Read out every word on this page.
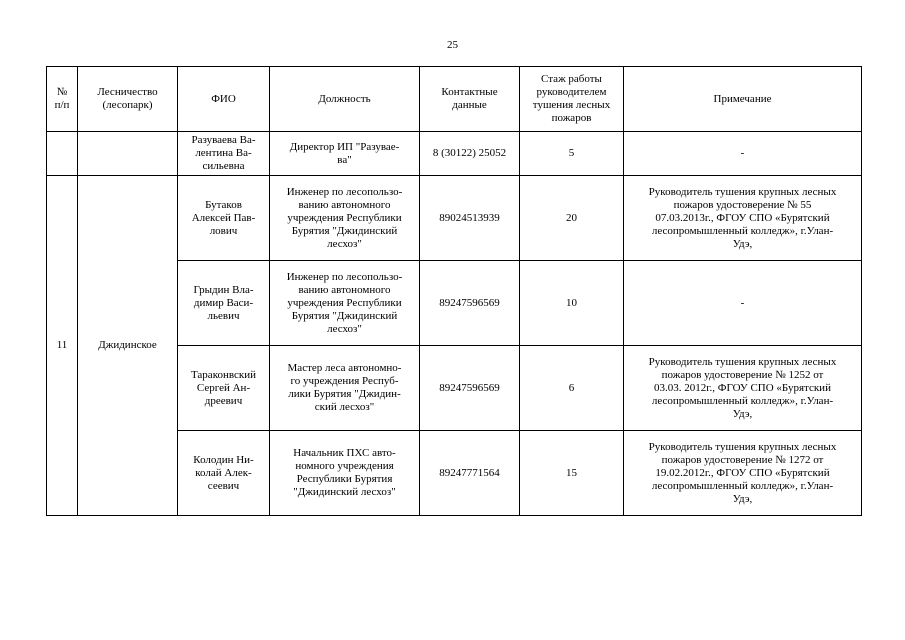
25
№
п/п	Лесничество
(лесопарк)	ФИО	Должность	Контактные
данные	Стаж работы
руководителем
тушения лесных
пожаров	Примечание
		Разуваева Ва-
лентина Ва-
сильевна	Директор ИП "Разувае-
ва"	8 (30122) 25052	5	-
11	Джидинское	Бутаков
Алексей Пав-
лович	Инженер по лесопользо-
ванию автономного
учреждения Республики
Бурятия "Джидинский
лесхоз"	89024513939	20	Руководитель тушения крупных лесных
пожаров удостоверение № 55
07.03.2013г., ФГОУ СПО «Бурятский
лесопромышленный колледж», г.Улан-
Удэ,
		Грыдин Вла-
димир Васи-
льевич	Инженер по лесопользо-
ванию автономного
учреждения Республики
Бурятия "Джидинский
лесхоз"	89247596569	10	-
		Тараконвский
Сергей Ан-
дреевич	Мастер леса автономно-
го учреждения Респуб-
лики Бурятия "Джидин-
ский лесхоз"	89247596569	6	Руководитель тушения крупных лесных
пожаров удостоверение № 1252 от
03.03. 2012г., ФГОУ СПО «Бурятский
лесопромышленный колледж», г.Улан-
Удэ,
		Колодин Ни-
колай Алек-
сеевич	Начальник ПХС авто-
номного учреждения
Республики Бурятия
"Джидинский лесхоз"	89247771564	15	Руководитель тушения крупных лесных
пожаров удостоверение № 1272 от
19.02.2012г., ФГОУ СПО «Бурятский
лесопромышленный колледж», г.Улан-
Удэ,
